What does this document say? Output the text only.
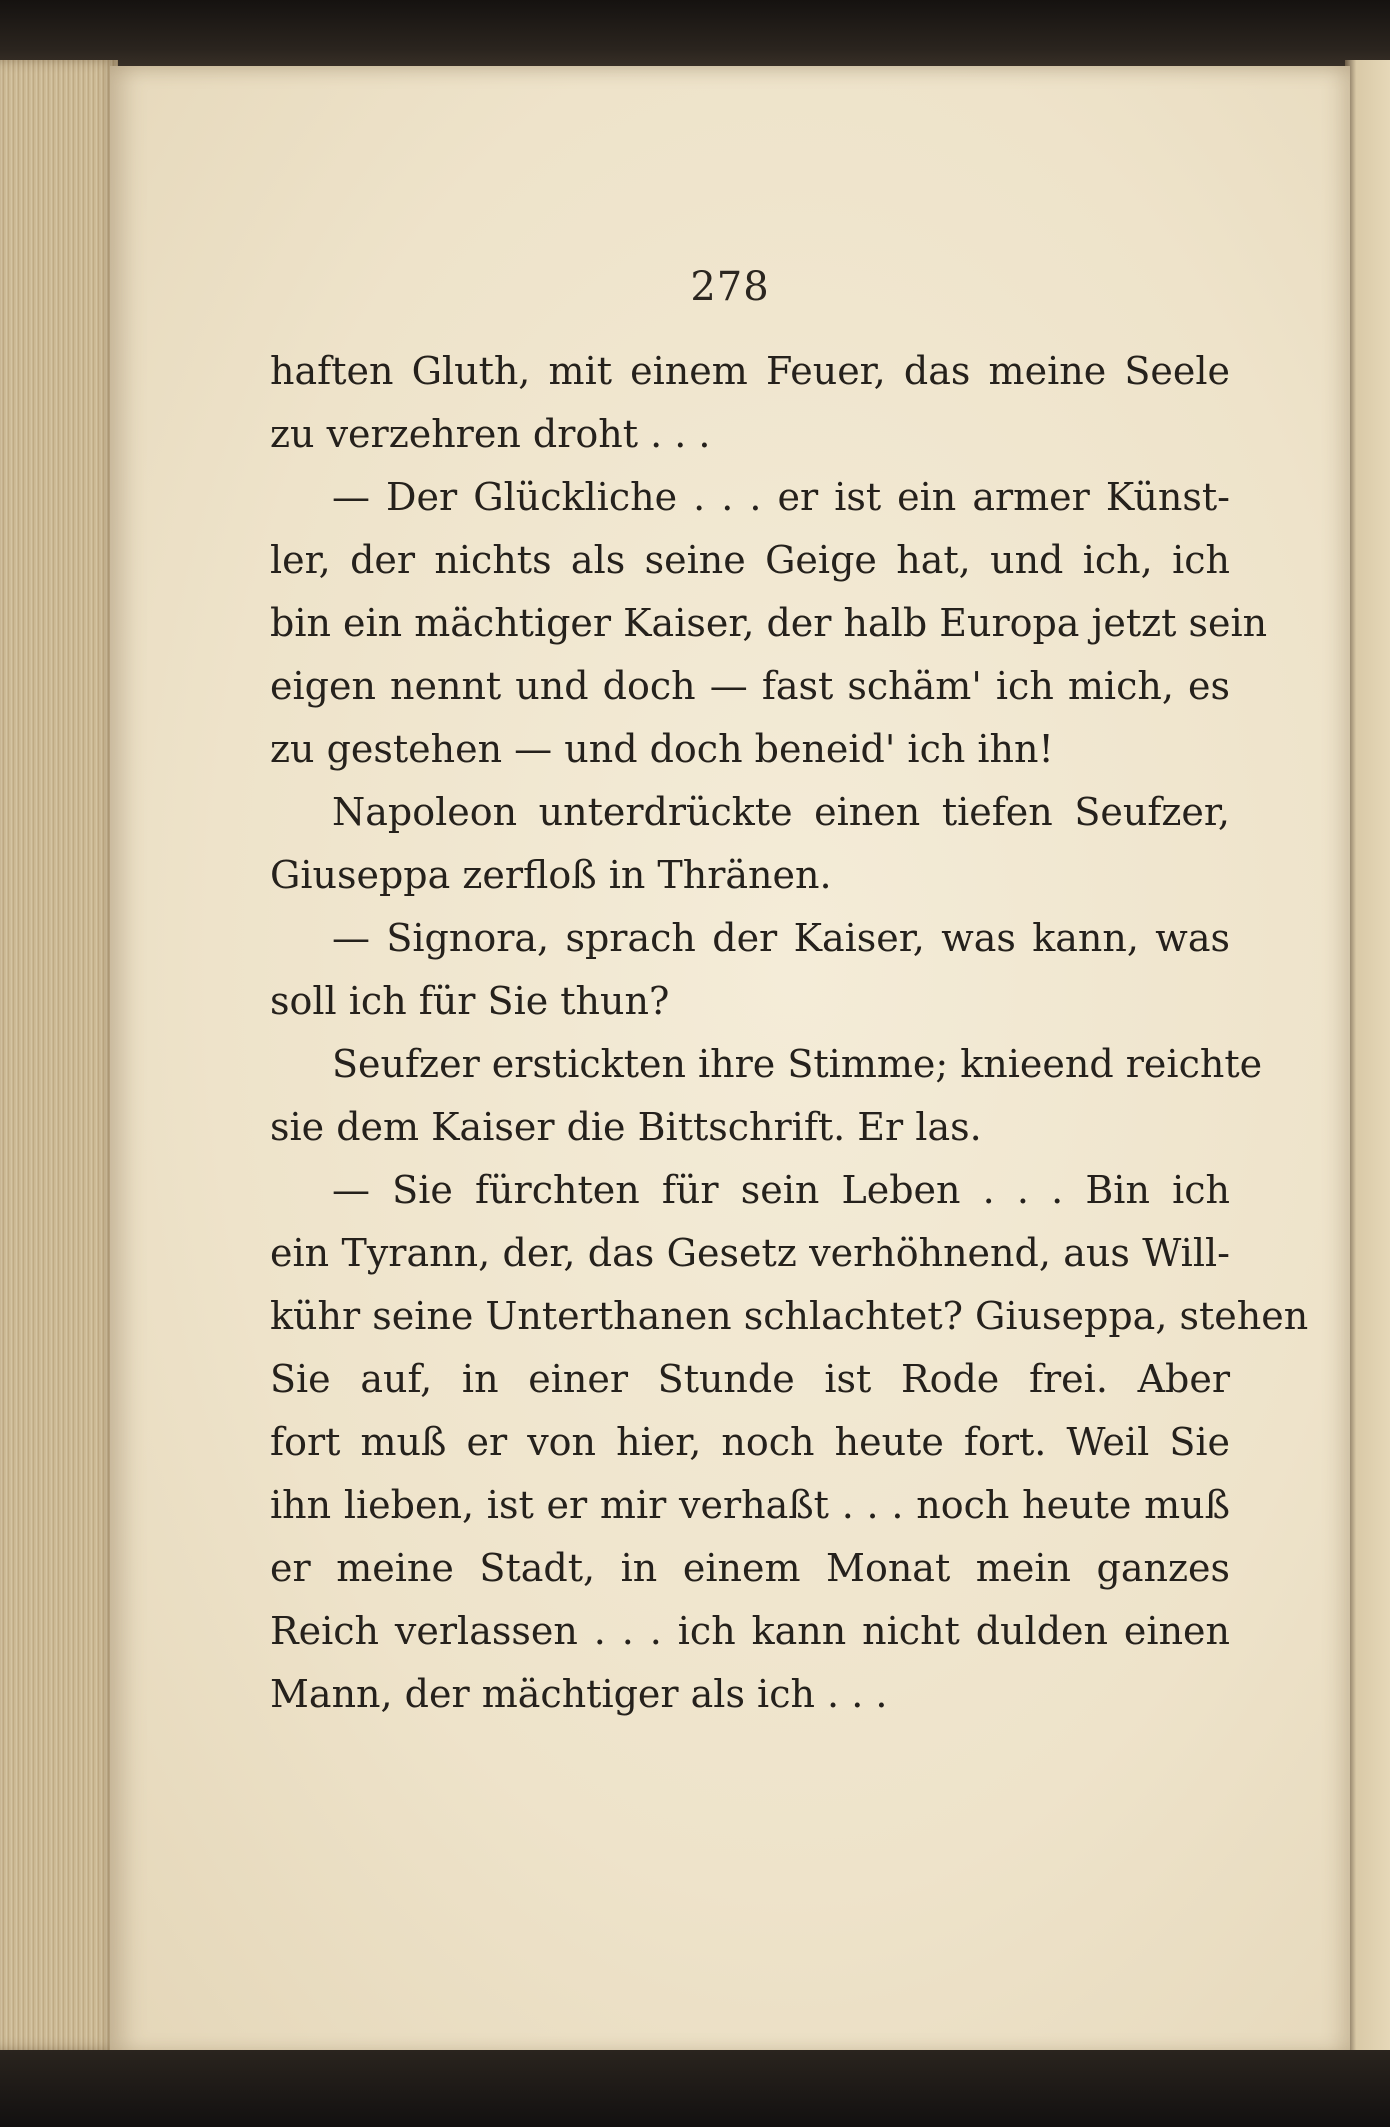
278
haften Gluth, mit einem Feuer, das meine Seele
zu verzehren droht . . .
— Der Glückliche . . . er ist ein armer Künst-
ler, der nichts als seine Geige hat, und ich, ich
bin ein mächtiger Kaiser, der halb Europa jetzt sein
eigen nennt und doch — fast schäm' ich mich, es
zu gestehen — und doch beneid' ich ihn!
Napoleon unterdrückte einen tiefen Seufzer,
Giuseppa zerfloß in Thränen.
— Signora, sprach der Kaiser, was kann, was
soll ich für Sie thun?
Seufzer erstickten ihre Stimme; knieend reichte
sie dem Kaiser die Bittschrift. Er las.
— Sie fürchten für sein Leben . . . Bin ich
ein Tyrann, der, das Gesetz verhöhnend, aus Will-
kühr seine Unterthanen schlachtet? Giuseppa, stehen
Sie auf, in einer Stunde ist Rode frei. Aber
fort muß er von hier, noch heute fort. Weil Sie
ihn lieben, ist er mir verhaßt . . . noch heute muß
er meine Stadt, in einem Monat mein ganzes
Reich verlassen . . . ich kann nicht dulden einen
Mann, der mächtiger als ich . . .
